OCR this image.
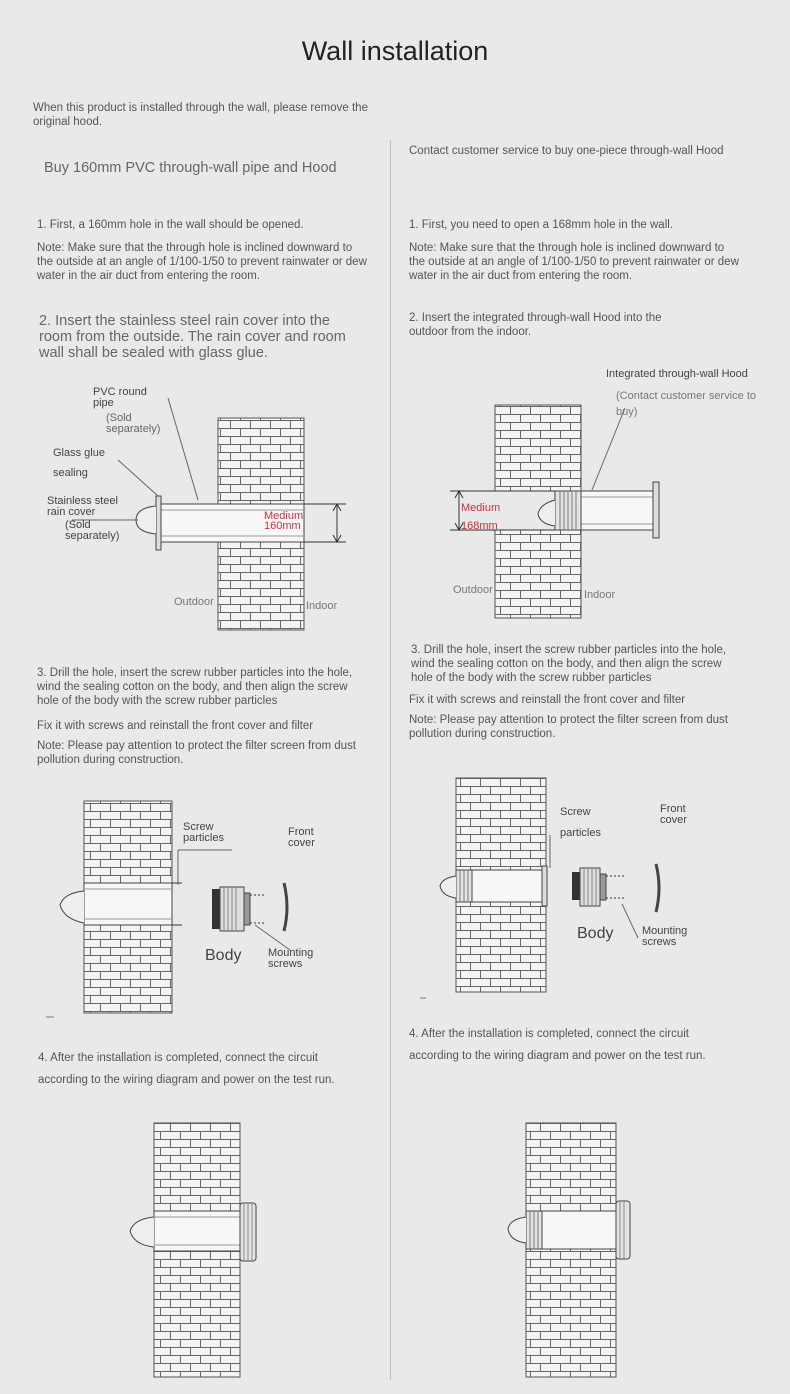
Wall installation
When this product is installed through the wall, please remove the original hood.
Buy 160mm PVC through-wall pipe and Hood
1. First, a 160mm hole in the wall should be opened.
Note: Make sure that the through hole is inclined downward to the outside at an angle of 1/100-1/50 to prevent rainwater or dew water in the air duct from entering the room.
2. Insert the stainless steel rain cover into the room from the outside. The rain cover and room wall shall be sealed with glass glue.
3. Drill the hole, insert the screw rubber particles into the hole, wind the sealing cotton on the body, and then align the screw hole of the body with the screw rubber particles
Fix it with screws and reinstall the front cover and filter
Note: Please pay attention to protect the filter screen from dust pollution during construction.
4. After the installation is completed, connect the circuit
according to the wiring diagram and power on the test run.
Contact customer service to buy one-piece through-wall Hood
1. First, you need to open a 168mm hole in the wall.
Note: Make sure that the through hole is inclined downward to the outside at an angle of 1/100-1/50 to prevent rainwater or dew water in the air duct from entering the room.
2. Insert the integrated through-wall Hood into the outdoor from the indoor.
3. Drill the hole, insert the screw rubber particles into the hole, wind the sealing cotton on the body, and then align the screw hole of the body with the screw rubber particles
Fix it with screws and reinstall the front cover and filter
Note: Please pay attention to protect the filter screen from dust pollution during construction.
4. After the installation is completed, connect the circuit
according to the wiring diagram and power on the test run.
PVC round pipe
(Sold separately)
Glass glue
sealing
Stainless steel rain cover
(Sold separately)
Medium
160mm
Outdoor	Indoor
Integrated through-wall Hood
(Contact customer service to buy)
Medium
168mm
Outdoor	Indoor
Screw particles	Front cover
Body Mounting screws
Screw
particles
Front cover
Body	Mounting screws
